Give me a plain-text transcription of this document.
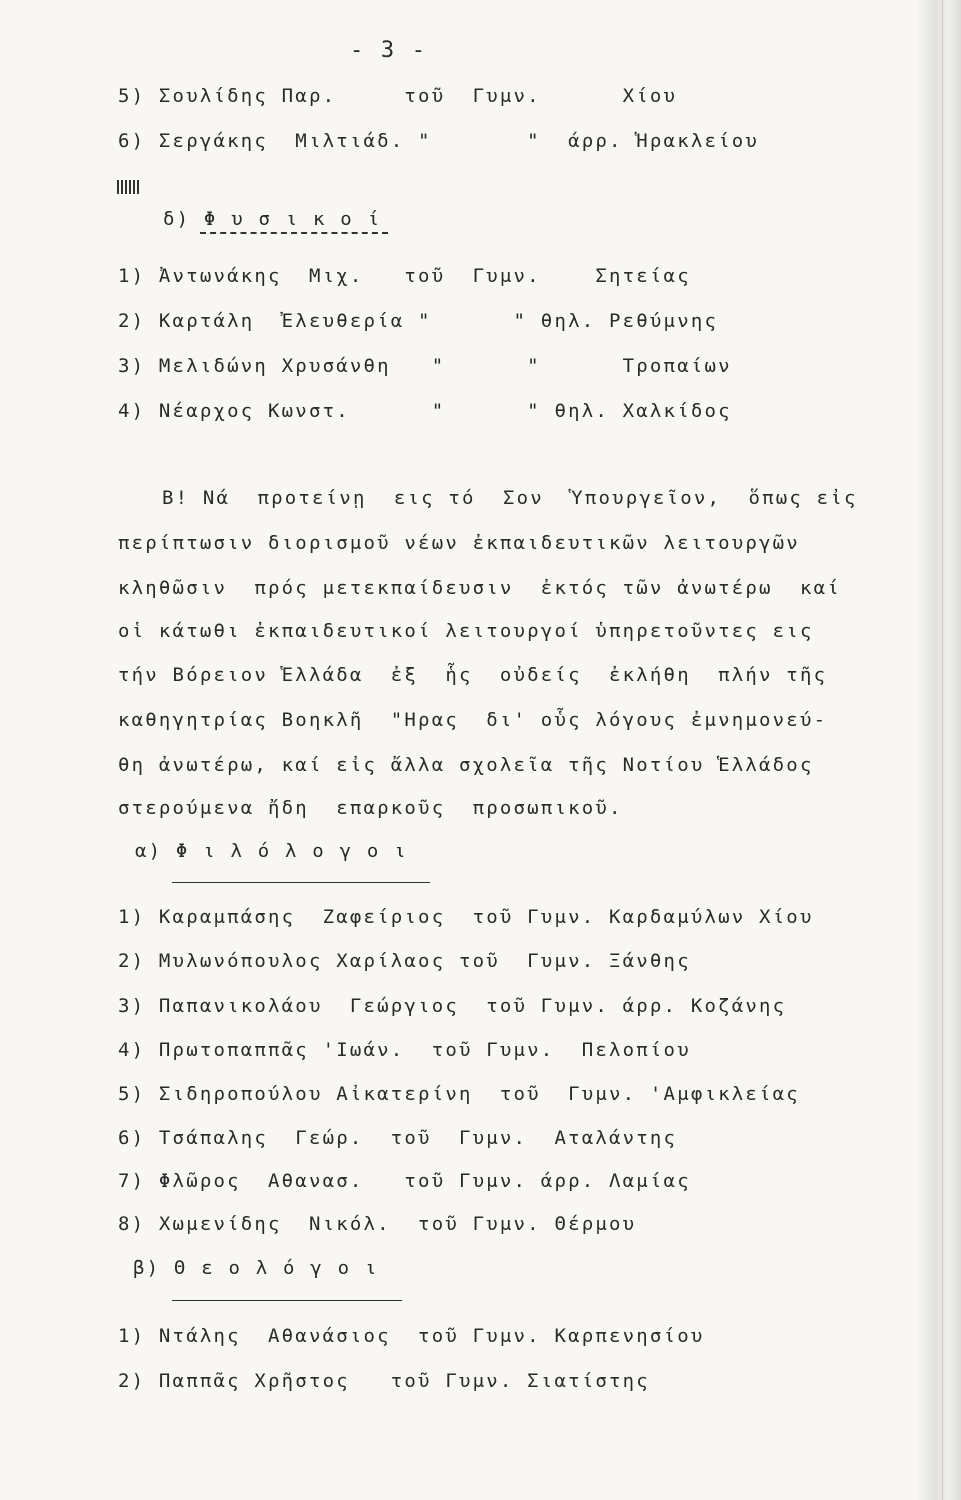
- 3 -
5) Σουλίδης Παρ.     τοῦ  Γυμν.      Χίου
6) Σεργάκης  Μιλτιάδ. "       "  άρρ. Ἡρακλείου
δ) Φ υ σ ι κ ο ί
1) Ἀντωνάκης  Μιχ.   τοῦ  Γυμν.    Σητείας
2) Καρτάλη  Ἐλευθερία "      " θηλ. Ρεθύμνης
3) Μελιδώνη Χρυσάνθη   "      "      Τροπαίων
4) Νέαρχος Κωνστ.      "      " θηλ. Χαλκίδος
Β! Νά  προτείνῃ  εις τό  Σον  Ὑπουργεῖον,  ὅπως εἰς
περίπτωσιν διορισμοῦ νέων ἐκπαιδευτικῶν λειτουργῶν
κληθῶσιν  πρός μετεκπαίδευσιν  ἐκτός τῶν ἀνωτέρω  καί
οἱ κάτωθι ἐκπαιδευτικοί λειτουργοί ὑπηρετοῦντες εις
τήν Βόρειον Ἑλλάδα  ἐξ  ἧς  οὐδείς  ἐκλήθη  πλήν τῆς
καθηγητρίας Βοηκλῆ  "Ηρας  δι' οὗς λόγους ἐμνημονεύ-
θη ἀνωτέρω, καί εἰς ἄλλα σχολεῖα τῆς Νοτίου Ἑλλάδος
στερούμενα ἤδη  επαρκοῦς  προσωπικοῦ.
α) Φ ι λ ό λ ο γ ο ι
1) Καραμπάσης  Ζαφείριος  τοῦ Γυμν. Καρδαμύλων Χίου
2) Μυλωνόπουλος Χαρίλαος τοῦ  Γυμν. Ξάνθης
3) Παπανικολάου  Γεώργιος  τοῦ Γυμν. άρρ. Κοζάνης
4) Πρωτοπαππᾶς 'Ιωάν.  τοῦ Γυμν.  Πελοπίου
5) Σιδηροπούλου Αἰκατερίνη  τοῦ  Γυμν. 'Αμφικλείας
6) Τσάπαλης  Γεώρ.  τοῦ  Γυμν.  Αταλάντης
7) Φλῶρος  Αθανασ.   τοῦ Γυμν. άρρ. Λαμίας
8) Χωμενίδης  Νικόλ.  τοῦ Γυμν. Θέρμου
β) Θ ε ο λ ό γ ο ι
1) Ντάλης  Αθανάσιος  τοῦ Γυμν. Καρπενησίου
2) Παππᾶς Χρῆστος   τοῦ Γυμν. Σιατίστης
